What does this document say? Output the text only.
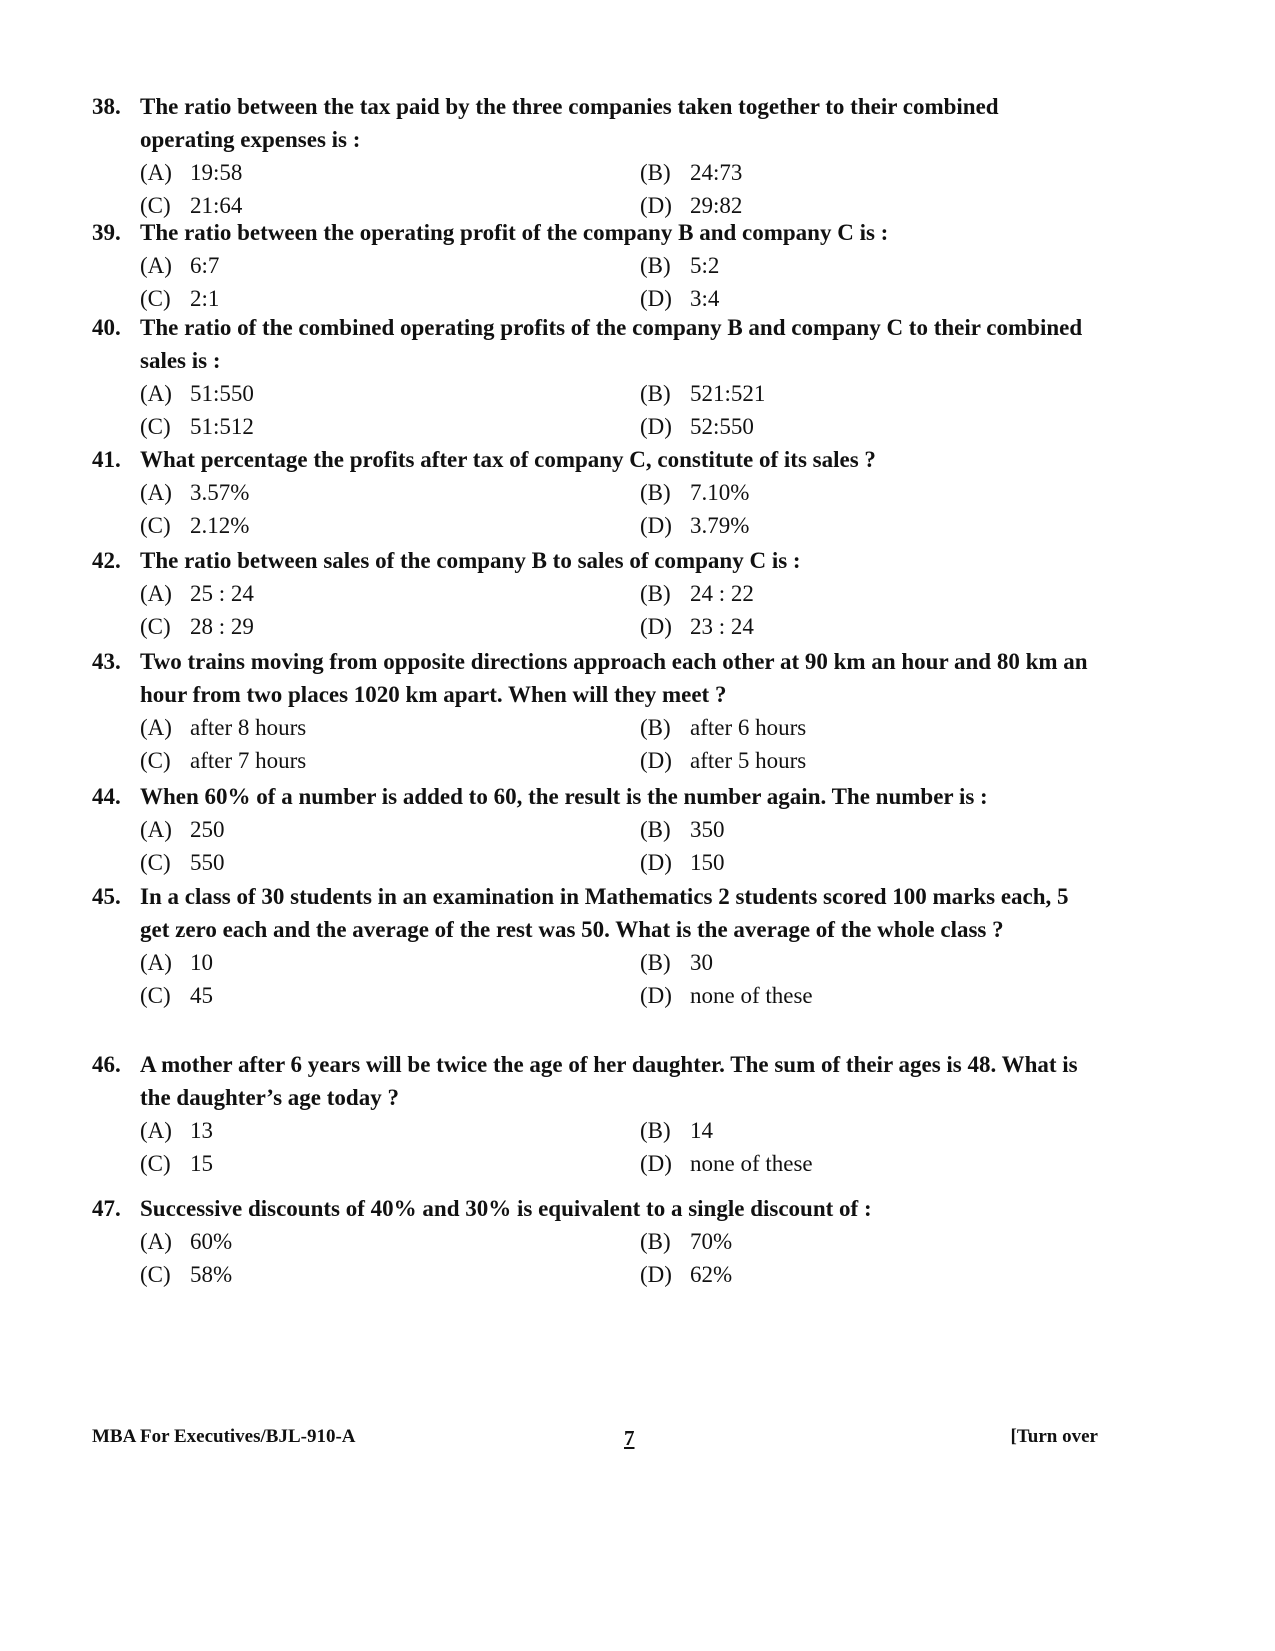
38. The ratio between the tax paid by the three companies taken together to their combined operating expenses is :
(A) 19:58	(B) 24:73
(C) 21:64	(D) 29:82
39. The ratio between the operating profit of the company B and company C is :
(A) 6:7	(B) 5:2
(C) 2:1	(D) 3:4
40. The ratio of the combined operating profits of the company B and company C to their combined sales is :
(A) 51:550	(B) 521:521
(C) 51:512	(D) 52:550
41. What percentage the profits after tax of company C, constitute of its sales ?
(A) 3.57%	(B) 7.10%
(C) 2.12%	(D) 3.79%
42. The ratio between sales of the company B to sales of company C is :
(A) 25 : 24	(B) 24 : 22
(C) 28 : 29	(D) 23 : 24
43. Two trains moving from opposite directions approach each other at 90 km an hour and 80 km an hour from two places 1020 km apart. When will they meet ?
(A) after 8 hours	(B) after 6 hours
(C) after 7 hours	(D) after 5 hours
44. When 60% of a number is added to 60, the result is the number again. The number is :
(A) 250	(B) 350
(C) 550	(D) 150
45. In a class of 30 students in an examination in Mathematics 2 students scored 100 marks each, 5 get zero each and the average of the rest was 50. What is the average of the whole class ?
(A) 10	(B) 30
(C) 45	(D) none of these
46. A mother after 6 years will be twice the age of her daughter. The sum of their ages is 48. What is the daughter’s age today ?
(A) 13	(B) 14
(C) 15	(D) none of these
47. Successive discounts of 40% and 30% is equivalent to a single discount of :
(A) 60%	(B) 70%
(C) 58%	(D) 62%
MBA For Executives/BJL-910-A	7	[Turn over
